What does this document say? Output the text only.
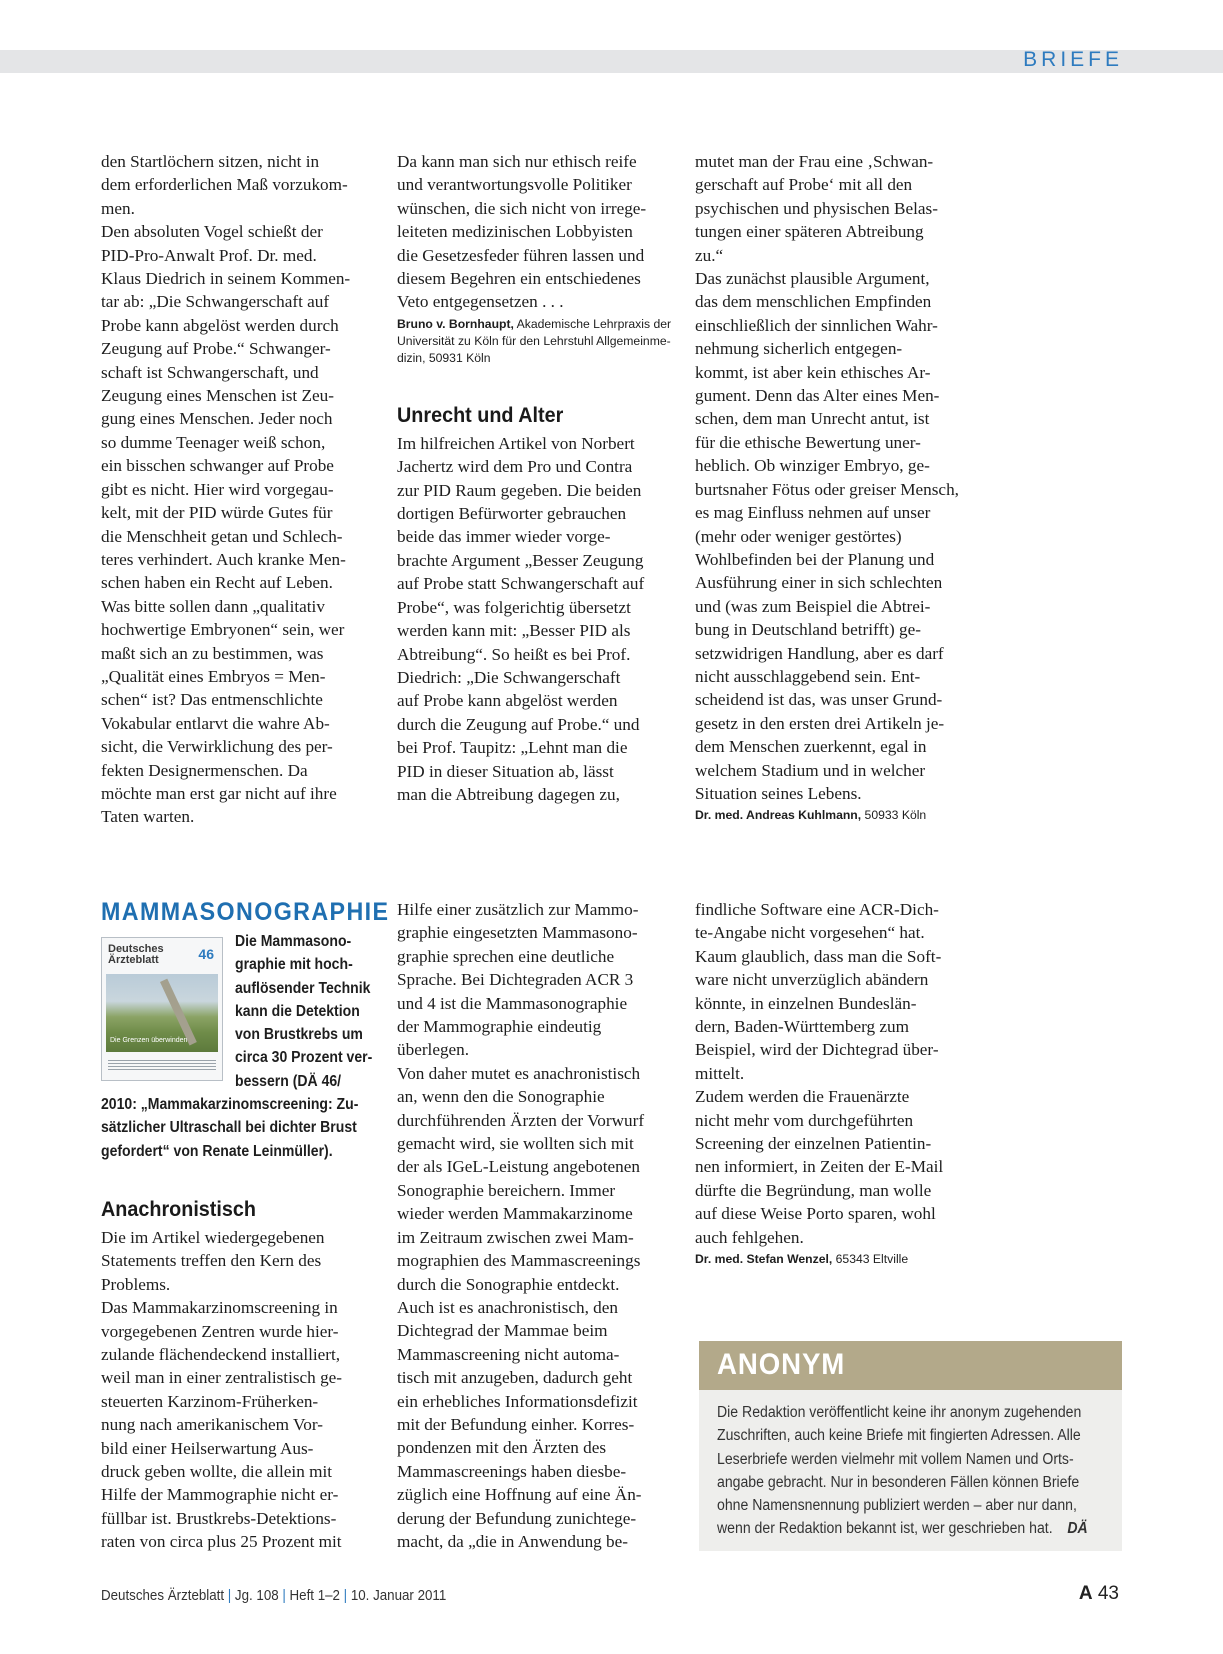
BRIEFE

den Startlöchern sitzen, nicht in
dem erforderlichen Maß vorzukom-
men.
Den absoluten Vogel schießt der
PID-Pro-Anwalt Prof. Dr. med.
Klaus Diedrich in seinem Kommen-
tar ab: „Die Schwangerschaft auf
Probe kann abgelöst werden durch
Zeugung auf Probe.“ Schwanger-
schaft ist Schwangerschaft, und
Zeugung eines Menschen ist Zeu-
gung eines Menschen. Jeder noch
so dumme Teenager weiß schon,
ein bisschen schwanger auf Probe
gibt es nicht. Hier wird vorgegau-
kelt, mit der PID würde Gutes für
die Menschheit getan und Schlech-
teres verhindert. Auch kranke Men-
schen haben ein Recht auf Leben.
Was bitte sollen dann „qualitativ
hochwertige Embryonen“ sein, wer
maßt sich an zu bestimmen, was
„Qualität eines Embryos = Men-
schen“ ist? Das entmenschlichte
Vokabular entlarvt die wahre Ab-
sicht, die Verwirklichung des per-
fekten Designermenschen. Da
möchte man erst gar nicht auf ihre
Taten warten.

Da kann man sich nur ethisch reife
und verantwortungsvolle Politiker
wünschen, die sich nicht von irrege-
leiteten medizinischen Lobbyisten
die Gesetzesfeder führen lassen und
diesem Begehren ein entschiedenes
Veto entgegensetzen . . .

Bruno v. Bornhaupt, Akademische Lehrpraxis der
Universität zu Köln für den Lehrstuhl Allgemeinme-
dizin, 50931 Köln
Unrecht und Alter

Im hilfreichen Artikel von Norbert
Jachertz wird dem Pro und Contra
zur PID Raum gegeben. Die beiden
dortigen Befürworter gebrauchen
beide das immer wieder vorge-
brachte Argument „Besser Zeugung
auf Probe statt Schwangerschaft auf
Probe“, was folgerichtig übersetzt
werden kann mit: „Besser PID als
Abtreibung“. So heißt es bei Prof.
Diedrich: „Die Schwangerschaft
auf Probe kann abgelöst werden
durch die Zeugung auf Probe.“ und
bei Prof. Taupitz: „Lehnt man die
PID in dieser Situation ab, lässt
man die Abtreibung dagegen zu,

mutet man der Frau eine ‚Schwan-
gerschaft auf Probe‘ mit all den
psychischen und physischen Belas-
tungen einer späteren Abtreibung
zu.“
Das zunächst plausible Argument,
das dem menschlichen Empfinden
einschließlich der sinnlichen Wahr-
nehmung sicherlich entgegen-
kommt, ist aber kein ethisches Ar-
gument. Denn das Alter eines Men-
schen, dem man Unrecht antut, ist
für die ethische Bewertung uner-
heblich. Ob winziger Embryo, ge-
burtsnaher Fötus oder greiser Mensch,
es mag Einfluss nehmen auf unser
(mehr oder weniger gestörtes)
Wohlbefinden bei der Planung und
Ausführung einer in sich schlechten
und (was zum Beispiel die Abtrei-
bung in Deutschland betrifft) ge-
setzwidrigen Handlung, aber es darf
nicht ausschlaggebend sein. Ent-
scheidend ist das, was unser Grund-
gesetz in den ersten drei Artikeln je-
dem Menschen zuerkennt, egal in
welchem Stadium und in welcher
Situation seines Lebens.

Dr. med. Andreas Kuhlmann, 50933 Köln
MAMMASONOGRAPHIE
Deutsches
Ärzteblatt	46
Die Grenzen überwinden
Die Mammasono-
graphie mit hoch-
auflösender Technik
kann die Detektion
von Brustkrebs um
circa 30 Prozent ver-
bessern (DÄ 46/
2010: „Mammakarzinomscreening: Zu-
sätzlicher Ultraschall bei dichter Brust
gefordert“ von Renate Leinmüller).
Anachronistisch

Die im Artikel wiedergegebenen
Statements treffen den Kern des
Problems.
Das Mammakarzinomscreening in
vorgegebenen Zentren wurde hier-
zulande flächendeckend installiert,
weil man in einer zentralistisch ge-
steuerten Karzinom-Früherken-
nung nach amerikanischem Vor-
bild einer Heilserwartung Aus-
druck geben wollte, die allein mit
Hilfe der Mammographie nicht er-
füllbar ist. Brustkrebs-Detektions-
raten von circa plus 25 Prozent mit

Hilfe einer zusätzlich zur Mammo-
graphie eingesetzten Mammasono-
graphie sprechen eine deutliche
Sprache. Bei Dichtegraden ACR 3
und 4 ist die Mammasonographie
der Mammographie eindeutig
überlegen.
Von daher mutet es anachronistisch
an, wenn den die Sonographie
durchführenden Ärzten der Vorwurf
gemacht wird, sie wollten sich mit
der als IGeL-Leistung angebotenen
Sonographie bereichern. Immer
wieder werden Mammakarzinome
im Zeitraum zwischen zwei Mam-
mographien des Mammascreenings
durch die Sonographie entdeckt.
Auch ist es anachronistisch, den
Dichtegrad der Mammae beim
Mammascreening nicht automa-
tisch mit anzugeben, dadurch geht
ein erhebliches Informationsdefizit
mit der Befundung einher. Korres-
pondenzen mit den Ärzten des
Mammascreenings haben diesbe-
züglich eine Hoffnung auf eine Än-
derung der Befundung zunichtege-
macht, da „die in Anwendung be-

findliche Software eine ACR-Dich-
te-Angabe nicht vorgesehen“ hat.
Kaum glaublich, dass man die Soft-
ware nicht unverzüglich abändern
könnte, in einzelnen Bundeslän-
dern, Baden-Württemberg zum
Beispiel, wird der Dichtegrad über-
mittelt.
Zudem werden die Frauenärzte
nicht mehr vom durchgeführten
Screening der einzelnen Patientin-
nen informiert, in Zeiten der E-Mail
dürfte die Begründung, man wolle
auf diese Weise Porto sparen, wohl
auch fehlgehen.

Dr. med. Stefan Wenzel, 65343 Eltville
ANONYM
Die Redaktion veröffentlicht keine ihr anonym zugehenden
Zuschriften, auch keine Briefe mit fingierten Adressen. Alle
Leserbriefe werden vielmehr mit vollem Namen und Orts-
angabe gebracht. Nur in besonderen Fällen können Briefe
ohne Namensnennung publiziert werden – aber nur dann,
wenn der Redaktion bekannt ist, wer geschrieben hat. DÄ
Deutsches Ärzteblatt | Jg. 108 | Heft 1–2 | 10. Januar 2011	A 43
